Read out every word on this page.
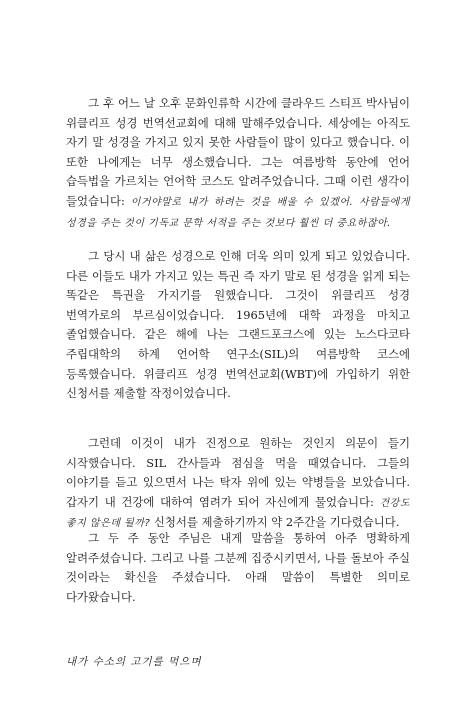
그 후 어느 날 오후 문화인류학 시간에 클라우드 스티프 박사님이 위클리프 성경 번역선교회에 대해 말해주었습니다. 세상에는 아직도 자기 말 성경을 가지고 있지 못한 사람들이 많이 있다고 했습니다. 이 또한 나에게는 너무 생소했습니다. 그는 여름방학 동안에 언어 습득법을 가르치는 언어학 코스도 알려주었습니다. 그때 이런 생각이 들었습니다: 이거야말로 내가 하려는 것을 배울 수 있겠어. 사람들에게 성경을 주는 것이 기독교 문학 서적을 주는 것보다 훨씬 더 중요하잖아.

그 당시 내 삶은 성경으로 인해 더욱 의미 있게 되고 있었습니다. 다른 이들도 내가 가지고 있는 특권 즉 자기 말로 된 성경을 읽게 되는 똑같은 특권을 가지기를 원했습니다. 그것이 위클리프 성경 번역가로의 부르심이었습니다. 1965년에 대학 과정을 마치고 졸업했습니다. 같은 해에 나는 그랜드포크스에 있는 노스다코타 주립대학의 하계 언어학 연구소(SIL)의 여름방학 코스에 등록했습니다. 위클리프 성경 번역선교회(WBT)에 가입하기 위한 신청서를 제출할 작정이었습니다.

그런데 이것이 내가 진정으로 원하는 것인지 의문이 들기 시작했습니다. SIL 간사들과 점심을 먹을 때였습니다. 그들의 이야기를 듣고 있으면서 나는 탁자 위에 있는 약병들을 보았습니다. 갑자기 내 건강에 대하여 염려가 되어 자신에게 물었습니다: 건강도 좋지 않은데 될까? 신청서를 제출하기까지 약 2주간을 기다렸습니다.

그 두 주 동안 주님은 내게 말씀을 통하여 아주 명확하게 알려주셨습니다. 그리고 나를 그분께 집중시키면서, 나를 돌보아 주실 것이라는 확신을 주셨습니다. 아래 말씀이 특별한 의미로 다가왔습니다.

내가 수소의 고기를 먹으며
